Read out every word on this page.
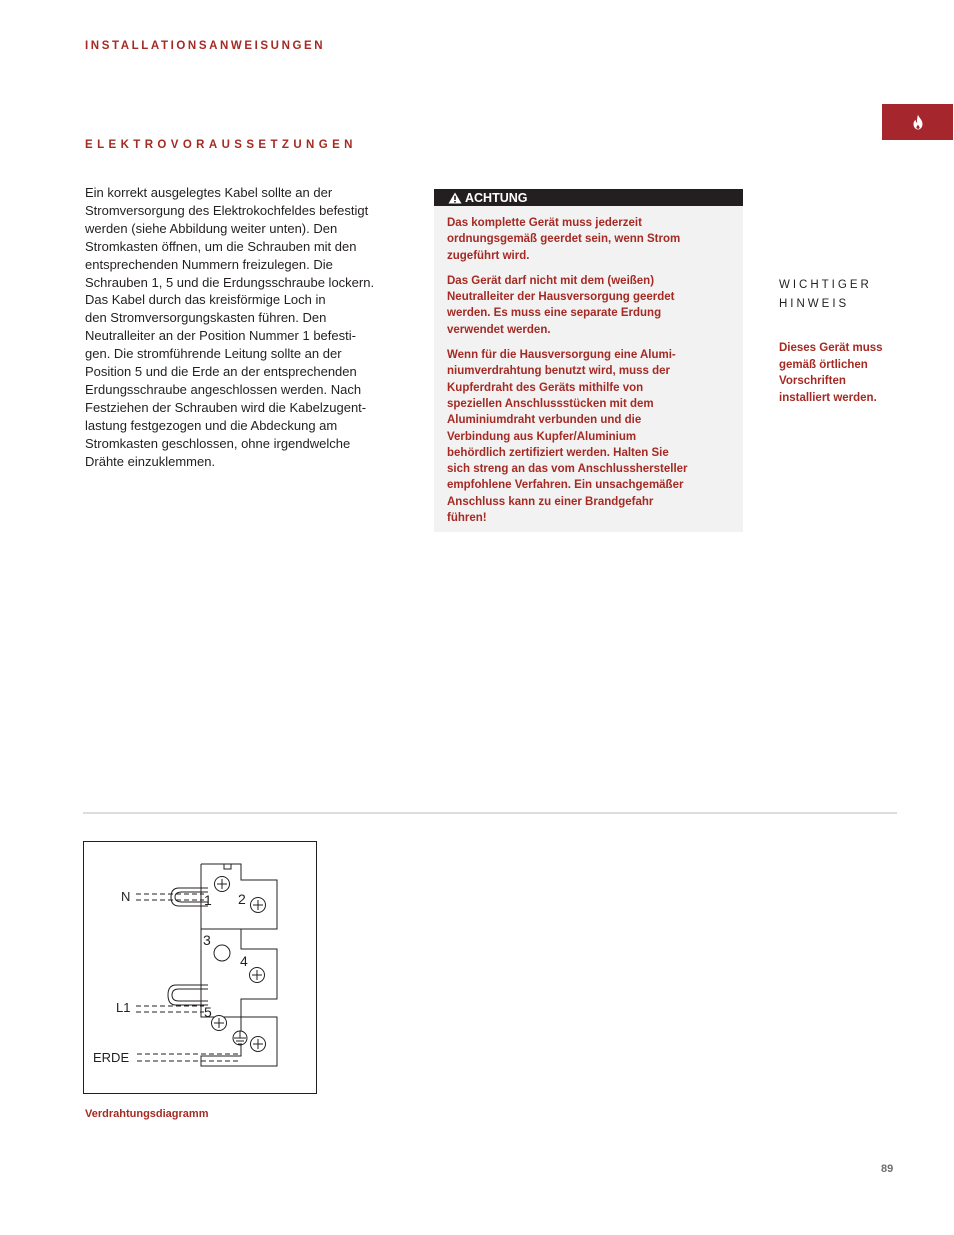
INSTALLATIONSANWEISUNGEN
ELEKTROVORAUSSETZUNGEN
Ein korrekt ausgelegtes Kabel sollte an der
Stromversorgung des Elektrokochfeldes befestigt
werden (siehe Abbildung weiter unten). Den
Stromkasten öffnen, um die Schrauben mit den
entsprechenden Nummern freizulegen. Die
Schrauben 1, 5 und die Erdungsschraube lockern.
Das Kabel durch das kreisförmige Loch in
den Stromversorgungskasten führen. Den
Neutralleiter an der Position Nummer 1 befesti-
gen. Die stromführende Leitung sollte an der
Position 5 und die Erde an der entsprechenden
Erdungsschraube angeschlossen werden. Nach
Festziehen der Schrauben wird die Kabelzugent-
lastung festgezogen und die Abdeckung am
Stromkasten geschlossen, ohne irgendwelche
Drähte einzuklemmen.
ACHTUNG

Das komplette Gerät muss jederzeit
ordnungsgemäß geerdet sein, wenn Strom
zugeführt wird.

Das Gerät darf nicht mit dem (weißen)
Neutralleiter der Hausversorgung geerdet
werden. Es muss eine separate Erdung
verwendet werden.

Wenn für die Hausversorgung eine Alumi-
niumverdrahtung benutzt wird, muss der
Kupferdraht des Geräts mithilfe von
speziellen Anschlussstücken mit dem
Aluminiumdraht verbunden und die
Verbindung aus Kupfer/Aluminium
behördlich zertifiziert werden. Halten Sie
sich streng an das vom Anschlusshersteller
empfohlene Verfahren. Ein unsachgemäßer
Anschluss kann zu einer Brandgefahr
führen!

WICHTIGER
HINWEIS
Dieses Gerät muss
gemäß örtlichen
Vorschriften
installiert werden.
1 2
3
4
5
N
L1
ERDE
Verdrahtungsdiagramm
89
